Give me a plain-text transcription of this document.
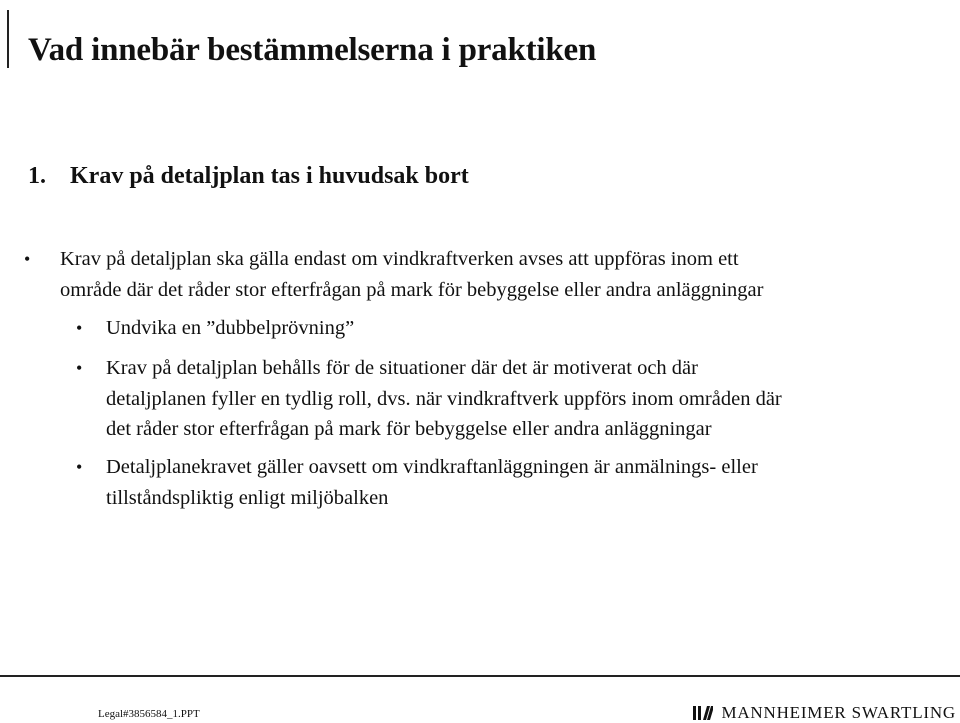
Vad innebär bestämmelserna i praktiken
1. Krav på detaljplan tas i huvudsak bort
• Krav på detaljplan ska gälla endast om vindkraftverken avses att uppföras inom ett
område där det råder stor efterfrågan på mark för bebyggelse eller andra anläggningar
• Undvika en ”dubbelprövning”
• Krav på detaljplan behålls för de situationer där det är motiverat och där
detaljplanen fyller en tydlig roll, dvs. när vindkraftverk uppförs inom områden där
det råder stor efterfrågan på mark för bebyggelse eller andra anläggningar
• Detaljplanekravet gäller oavsett om vindkraftanläggningen är anmälnings- eller
tillståndspliktig enligt miljöbalken
Legal#3856584_1.PPT	MANNHEIMER SWARTLING
